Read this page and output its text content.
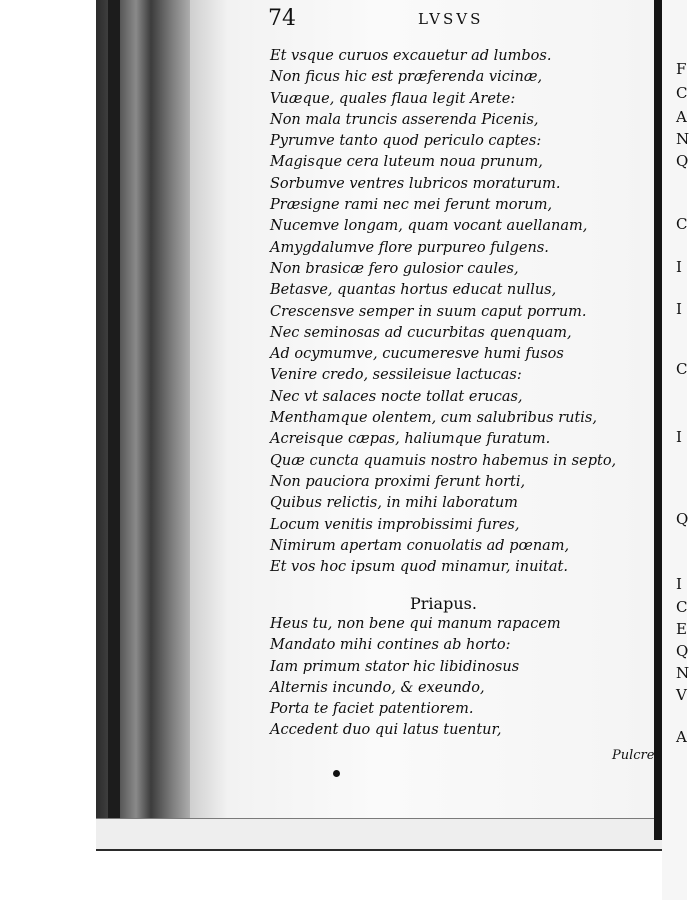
74	LVSVS
Et vsque curuos excauetur ad lumbos.
Non ficus hic est præferenda vicinæ,
Vuæque, quales flaua legit Arete:
Non mala truncis asserenda Picenis,
Pyrumve tanto quod periculo captes:
Magisque cera luteum noua prunum,
Sorbumve ventres lubricos moraturum.
Præsigne rami nec mei ferunt morum,
Nucemve longam, quam vocant auellanam,
Amygdalumve flore purpureo fulgens.
Non brasicæ fero gulosior caules,
Betasve, quantas hortus educat nullus,
Crescensve semper in suum caput porrum.
Nec seminosas ad cucurbitas quenquam,
Ad ocymumve, cucumeresve humi fusos
Venire credo, sessileisue lactucas:
Nec vt salaces nocte tollat erucas,
Menthamque olentem, cum salubribus rutis,
Acreisque cæpas, haliumque furatum.
Quæ cuncta quamuis nostro habemus in septo,
Non pauciora proximi ferunt horti,
Quibus relictis, in mihi laboratum
Locum venitis improbissimi fures,
Nimirum apertam conuolatis ad pœnam,
Et vos hoc ipsum quod minamur, inuitat.
Priapus.
Heus tu, non bene qui manum rapacem
Mandato mihi contines ab horto:
Iam primum stator hic libidinosus
Alternis incundo, & exeundo,
Porta te faciet patentiorem.
Accedent duo qui latus tuentur,
Pulcre
F
C
A
N
Q
C
I
I
C
I
Q
I
C
E
Q
N
V
A
